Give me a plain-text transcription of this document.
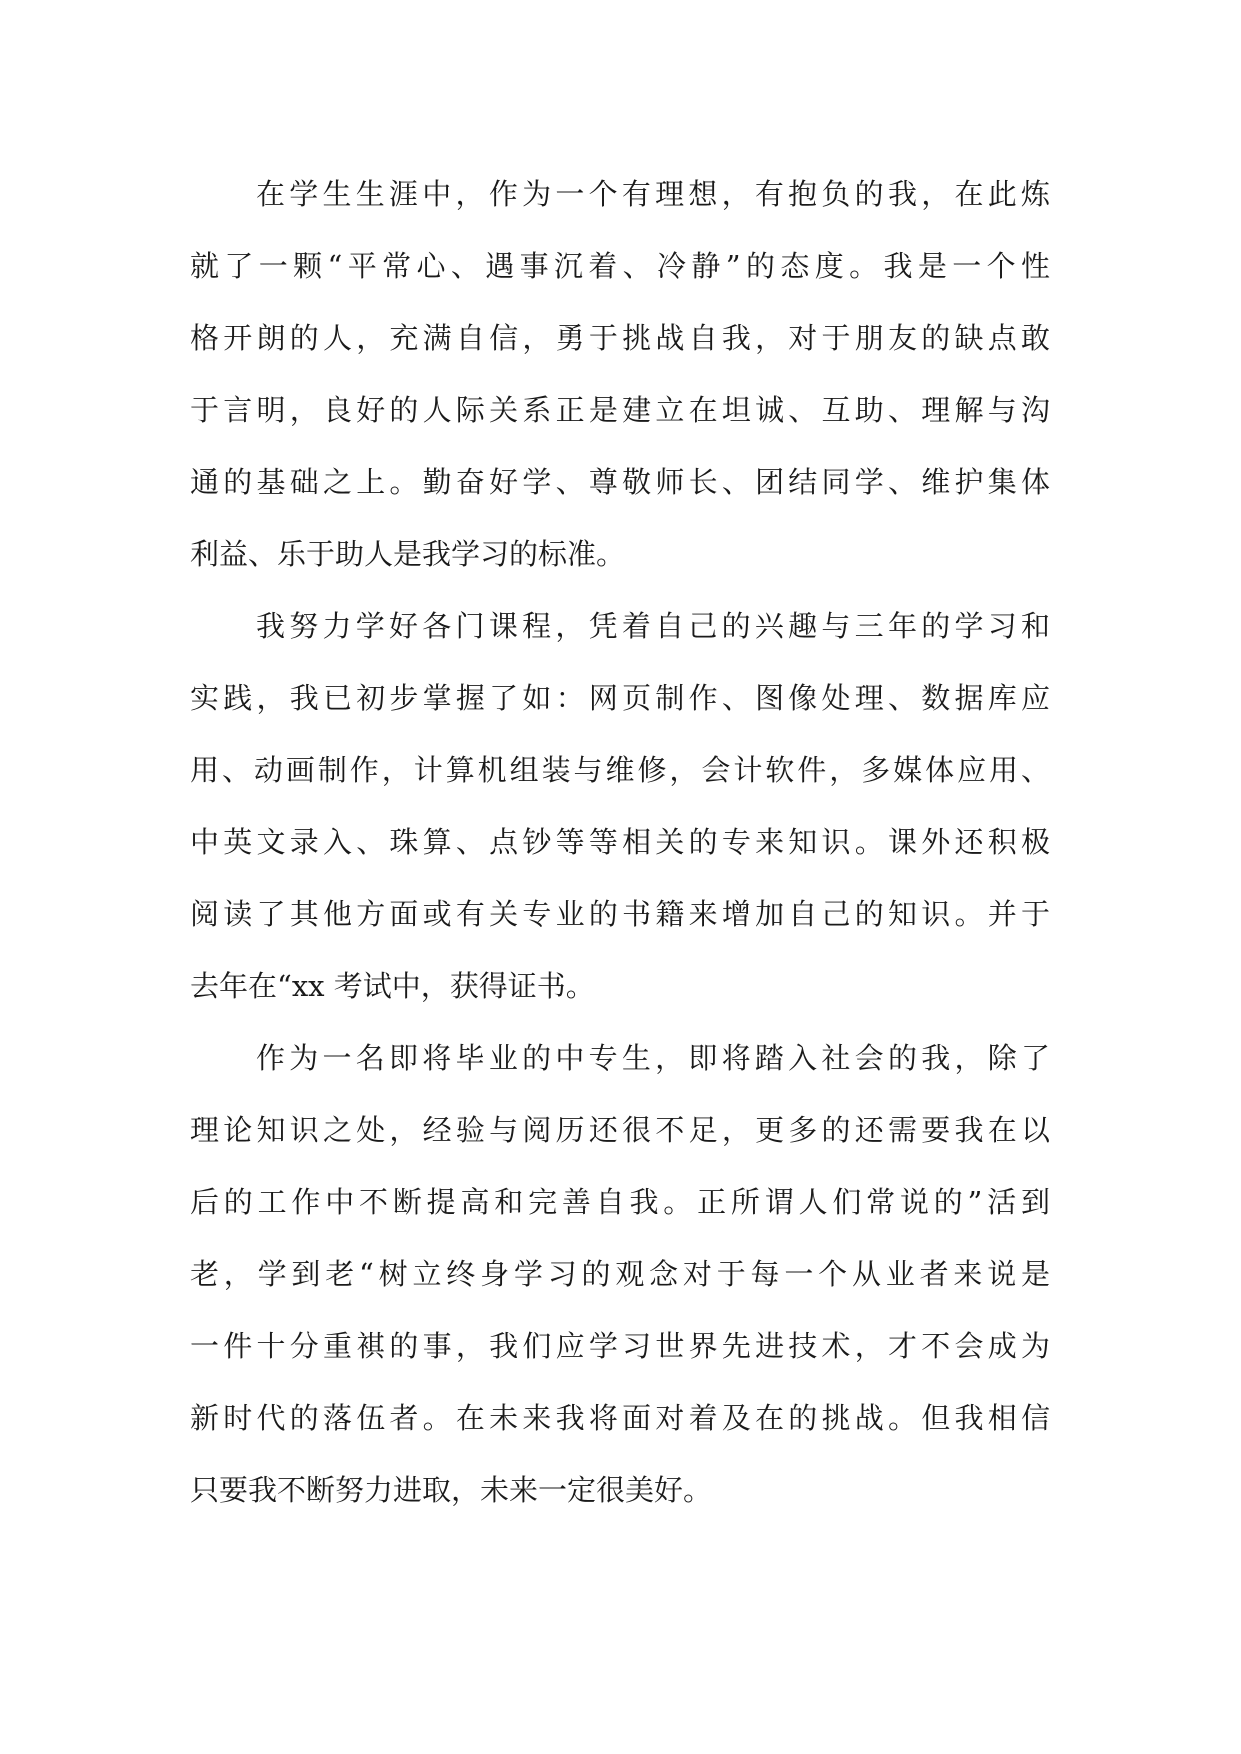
在学生生涯中，作为一个有理想，有抱负的我，在此炼
就了一颗“平常心、遇事沉着、冷静”的态度。我是一个性
格开朗的人，充满自信，勇于挑战自我，对于朋友的缺点敢
于言明，良好的人际关系正是建立在坦诚、互助、理解与沟
通的基础之上。勤奋好学、尊敬师长、团结同学、维护集体
利益、乐于助人是我学习的标准。

我努力学好各门课程，凭着自己的兴趣与三年的学习和
实践，我已初步掌握了如：网页制作、图像处理、数据库应
用、动画制作，计算机组装与维修，会计软件，多媒体应用、
中英文录入、珠算、点钞等等相关的专来知识。课外还积极
阅读了其他方面或有关专业的书籍来增加自己的知识。并于
去年在“xx 考试中，获得证书。

作为一名即将毕业的中专生，即将踏入社会的我，除了
理论知识之处，经验与阅历还很不足，更多的还需要我在以
后的工作中不断提高和完善自我。正所谓人们常说的”活到
老，学到老“树立终身学习的观念对于每一个从业者来说是
一件十分重褀的事，我们应学习世界先进技术，才不会成为
新时代的落伍者。在未来我将面对着及在的挑战。但我相信
只要我不断努力进取，未来一定很美好。
